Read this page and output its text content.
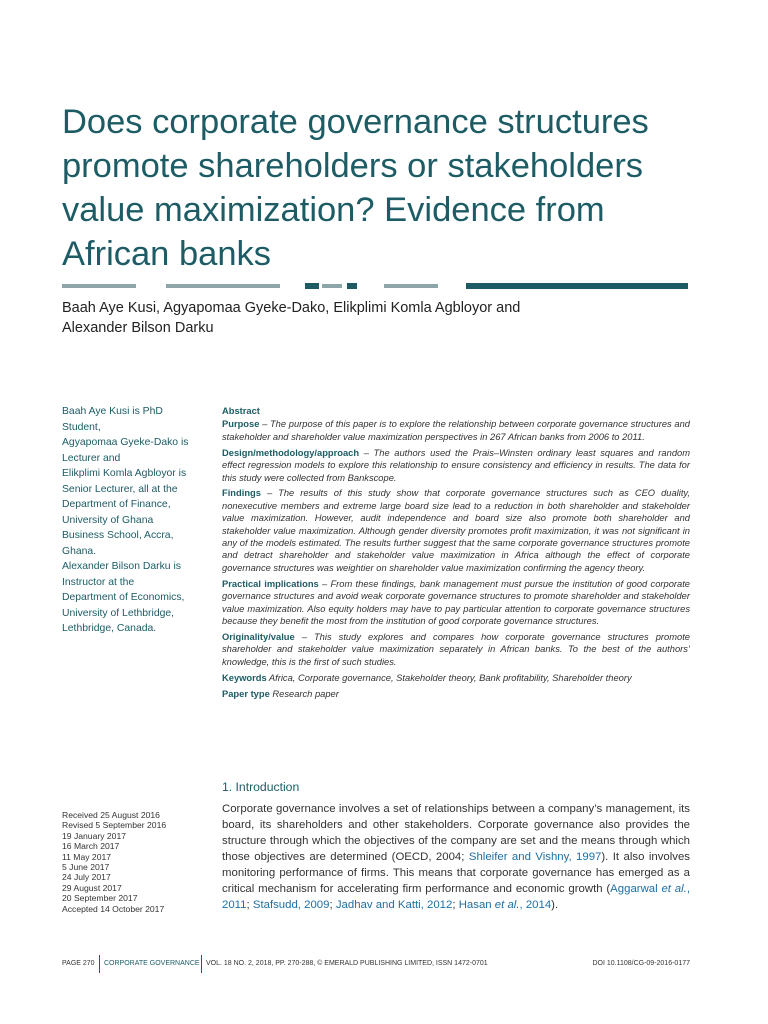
Does corporate governance structures promote shareholders or stakeholders value maximization? Evidence from African banks
Baah Aye Kusi, Agyapomaa Gyeke-Dako, Elikplimi Komla Agbloyor and
Alexander Bilson Darku
Baah Aye Kusi is PhD
Student,
Agyapomaa Gyeke-Dako is
Lecturer and
Elikplimi Komla Agbloyor is
Senior Lecturer, all at the
Department of Finance,
University of Ghana
Business School, Accra,
Ghana.
Alexander Bilson Darku is
Instructor at the
Department of Economics,
University of Lethbridge,
Lethbridge, Canada.
Abstract

Purpose – The purpose of this paper is to explore the relationship between corporate governance structures and stakeholder and shareholder value maximization perspectives in 267 African banks from 2006 to 2011.

Design/methodology/approach – The authors used the Prais–Winsten ordinary least squares and random effect regression models to explore this relationship to ensure consistency and efficiency in results. The data for this study were collected from Bankscope.

Findings – The results of this study show that corporate governance structures such as CEO duality, nonexecutive members and extreme large board size lead to a reduction in both shareholder and stakeholder value maximization. However, audit independence and board size also promote both shareholder and stakeholder value maximization. Although gender diversity promotes profit maximization, it was not significant in any of the models estimated. The results further suggest that the same corporate governance structures promote and detract shareholder and stakeholder value maximization in Africa although the effect of corporate governance structures was weightier on shareholder value maximization confirming the agency theory.

Practical implications – From these findings, bank management must pursue the institution of good corporate governance structures and avoid weak corporate governance structures to promote shareholder and stakeholder value maximization. Also equity holders may have to pay particular attention to corporate governance structures because they benefit the most from the institution of good corporate governance structures.

Originality/value – This study explores and compares how corporate governance structures promote shareholder and stakeholder value maximization separately in African banks. To the best of the authors’ knowledge, this is the first of such studies.

Keywords Africa, Corporate governance, Stakeholder theory, Bank profitability, Shareholder theory

Paper type Research paper

1. Introduction

Corporate governance involves a set of relationships between a company’s management, its board, its shareholders and other stakeholders. Corporate governance also provides the structure through which the objectives of the company are set and the means through which those objectives are determined (OECD, 2004; Shleifer and Vishny, 1997). It also involves monitoring performance of firms. This means that corporate governance has emerged as a critical mechanism for accelerating firm performance and economic growth (Aggarwal et al., 2011; Stafsudd, 2009; Jadhav and Katti, 2012; Hasan et al., 2014).

Received 25 August 2016
Revised 5 September 2016
19 January 2017
16 March 2017
11 May 2017
5 June 2017
24 July 2017
29 August 2017
20 September 2017
Accepted 14 October 2017
PAGE 270 CORPORATE GOVERNANCE VOL. 18 NO. 2, 2018, PP. 270-288, © EMERALD PUBLISHING LIMITED, ISSN 1472-0701	DOI 10.1108/CG-09-2016-0177
